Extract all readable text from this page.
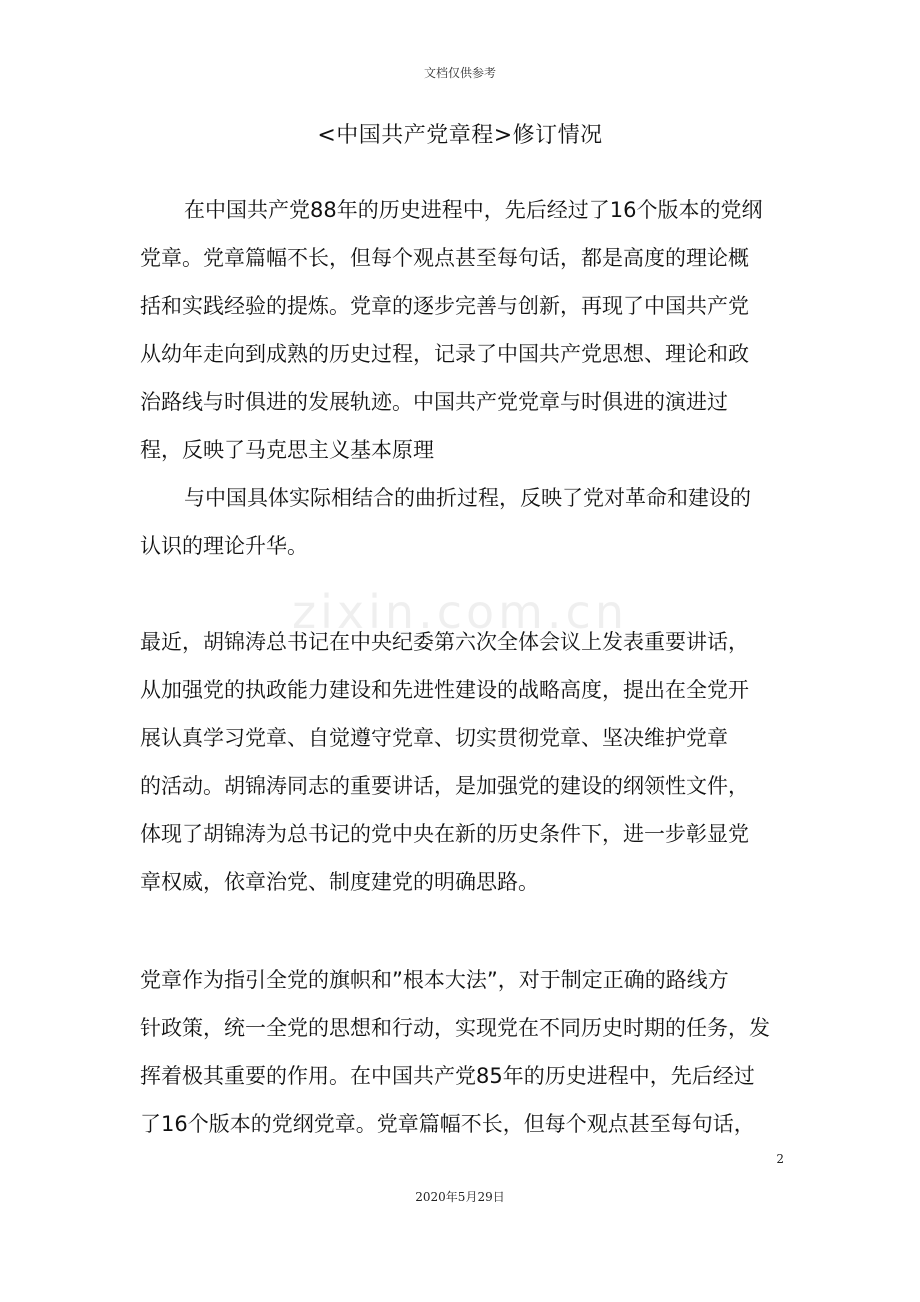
文档仅供参考
<中国共产党章程>修订情况
在中国共产党88年的历史进程中，先后经过了16个版本的党纲
党章。党章篇幅不长，但每个观点甚至每句话，都是高度的理论概
括和实践经验的提炼。党章的逐步完善与创新，再现了中国共产党
从幼年走向到成熟的历史过程，记录了中国共产党思想、理论和政
治路线与时俱进的发展轨迹。中国共产党党章与时俱进的演进过
程，反映了马克思主义基本原理
与中国具体实际相结合的曲折过程，反映了党对革命和建设的
认识的理论升华。
zixin.com.cn
最近，胡锦涛总书记在中央纪委第六次全体会议上发表重要讲话，
从加强党的执政能力建设和先进性建设的战略高度，提出在全党开
展认真学习党章、自觉遵守党章、切实贯彻党章、坚决维护党章
的活动。胡锦涛同志的重要讲话，是加强党的建设的纲领性文件，
体现了胡锦涛为总书记的党中央在新的历史条件下，进一步彰显党
章权威，依章治党、制度建党的明确思路。
党章作为指引全党的旗帜和”根本大法”，对于制定正确的路线方
针政策，统一全党的思想和行动，实现党在不同历史时期的任务，发
挥着极其重要的作用。在中国共产党85年的历史进程中，先后经过
了16个版本的党纲党章。党章篇幅不长，但每个观点甚至每句话，
2
2020年5月29日
